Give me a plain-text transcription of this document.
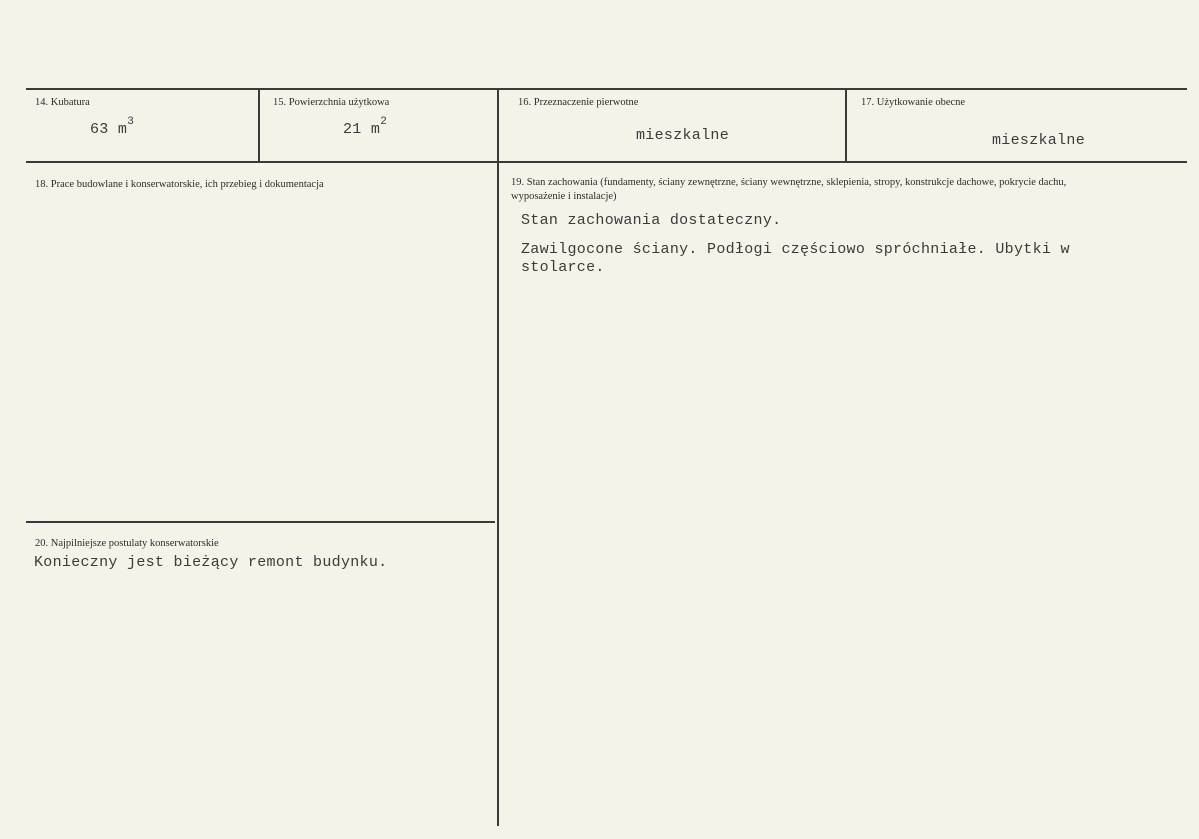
14. Kubatura
63 $m^3$
15. Powierzchnia użytkowa
21 $m^2$
16. Przeznaczenie pierwotne
mieszkalne
17. Użytkowanie obecne
mieszkalne
18. Prace budowlane i konserwatorskie, ich przebieg i dokumentacja	19. Stan zachowania (fundamenty, ściany zewnętrzne, ściany wewnętrzne, sklepienia, stropy, konstrukcje dachowe, pokrycie dachu, wyposażenie i instalacje)
Stan zachowania dostateczny.
Zawilgocone ściany. Podłogi częściowo spróchniałe. Ubytki w stolarce.
20. Najpilniejsze postulaty konserwatorskie
Konieczny jest bieżący remont budynku.
